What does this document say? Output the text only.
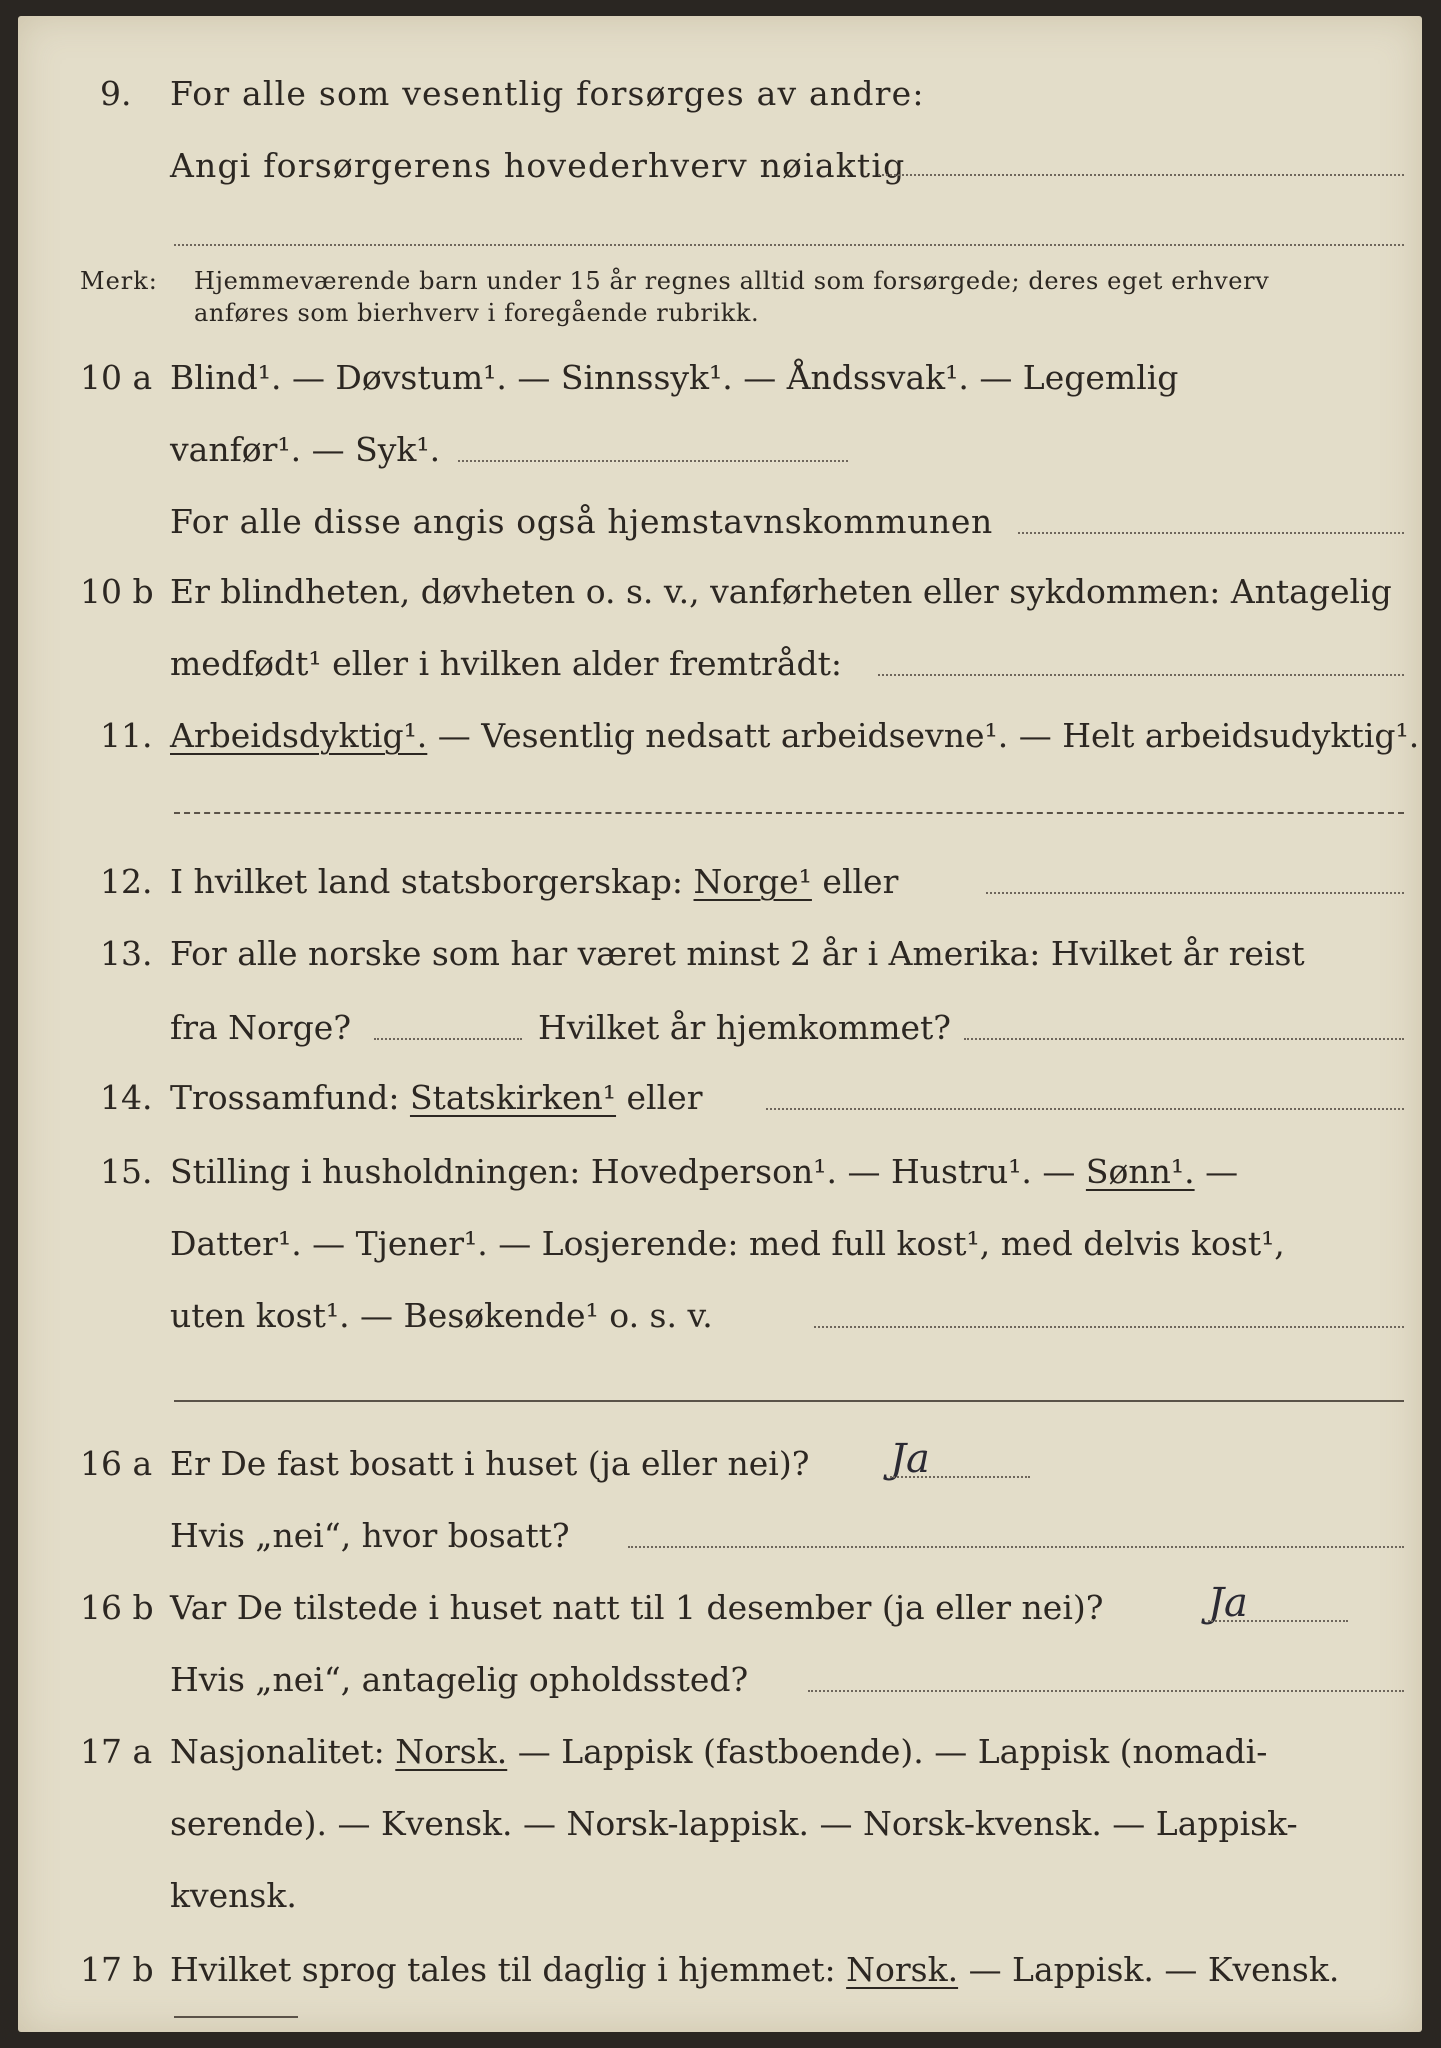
9. For alle som vesentlig forsørges av andre:
Angi forsørgerens hovederhverv nøiaktig
Merk: Hjemmeværende barn under 15 år regnes alltid som forsørgede; deres eget erhverv
anføres som bierhverv i foregående rubrikk.
10 a Blind¹. — Døvstum¹. — Sinnssyk¹. — Åndssvak¹. — Legemlig
vanfør¹. — Syk¹.
For alle disse angis også hjemstavnskommunen
10 b Er blindheten, døvheten o. s. v., vanførheten eller sykdommen: Antagelig
medfødt¹ eller i hvilken alder fremtrådt:
11. Arbeidsdyktig¹. — Vesentlig nedsatt arbeidsevne¹. — Helt arbeidsudyktig¹.
12. I hvilket land statsborgerskap: Norge¹ eller
13. For alle norske som har været minst 2 år i Amerika: Hvilket år reist
fra Norge?	Hvilket år hjemkommet?
14. Trossamfund: Statskirken¹ eller
15. Stilling i husholdningen: Hovedperson¹. — Hustru¹. — Sønn¹. —
Datter¹. — Tjener¹. — Losjerende: med full kost¹, med delvis kost¹,
uten kost¹. — Besøkende¹ o. s. v.
16 a Er De fast bosatt i huset (ja eller nei)? Ja
Hvis „nei“, hvor bosatt?
16 b Var De tilstede i huset natt til 1 desember (ja eller nei)?	Ja
Hvis „nei“, antagelig opholdssted?
17 a Nasjonalitet: Norsk. — Lappisk (fastboende). — Lappisk (nomadi-
serende). — Kvensk. — Norsk-lappisk. — Norsk-kvensk. — Lappisk-
kvensk.
17 b Hvilket sprog tales til daglig i hjemmet: Norsk. — Lappisk. — Kvensk.
